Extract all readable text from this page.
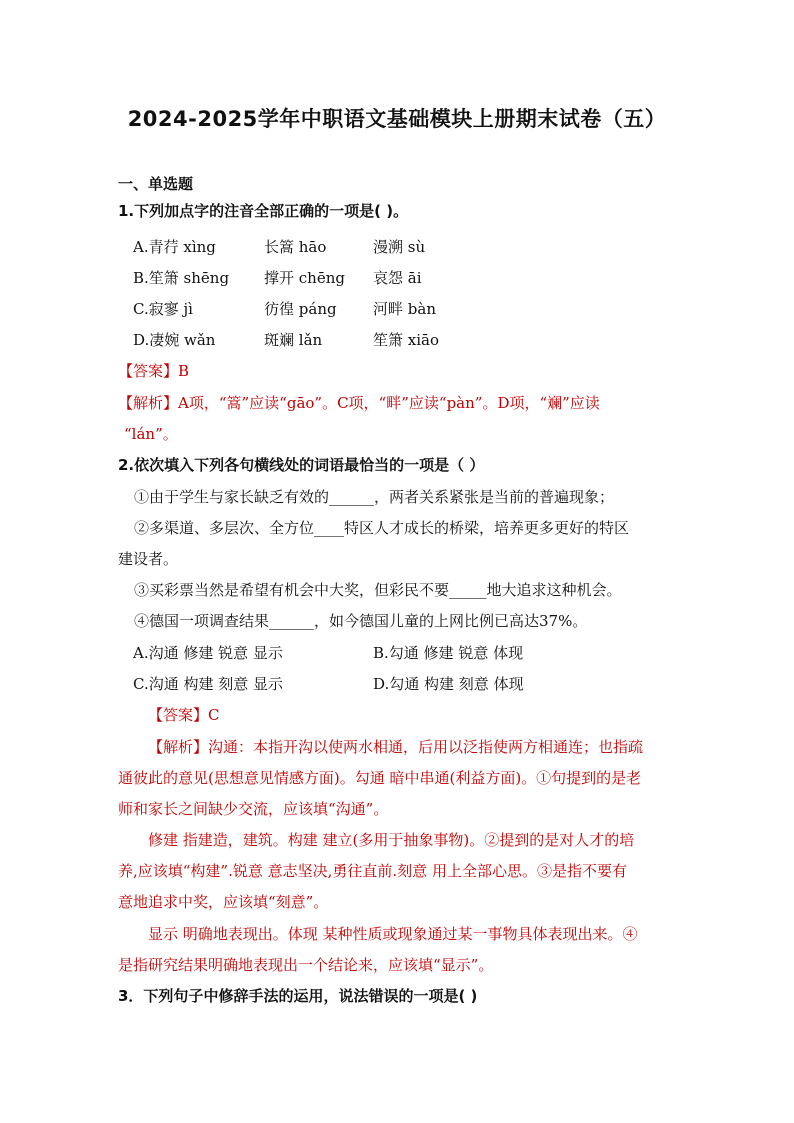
2024-2025学年中职语文基础模块上册期末试卷（五）
一、单选题
1.下列加点字的注音全部正确的一项是( )。
A.青荇 xìng	长篙 hāo	漫溯 sù
B.笙箫 shēng 撑开 chēng 哀怨 āi
C.寂寥 jì	彷徨 páng 河畔 bàn
D.凄婉 wǎn	斑斓 lǎn	笙箫 xiāo
【答案】B
【解析】A项，“篙”应读“gāo”。C项，“畔”应读“pàn”。D项，“斓”应读
“lán”。
2.依次填入下列各句横线处的词语最恰当的一项是（ ）
①由于学生与家长缺乏有效的______，两者关系紧张是当前的普遍现象；
②多渠道、多层次、全方位____特区人才成长的桥梁，培养更多更好的特区
建设者。
③买彩票当然是希望有机会中大奖，但彩民不要_____地大追求这种机会。
④德国一项调查结果______，如今德国儿童的上网比例已高达37%。
A.沟通 修建 锐意 显示	B.勾通 修建 锐意 体现
C.沟通 构建 刻意 显示	D.勾通 构建 刻意 体现
【答案】C
【解析】沟通：本指开沟以使两水相通，后用以泛指使两方相通连；也指疏
通彼此的意见(思想意见情感方面)。勾通 暗中串通(利益方面)。①句提到的是老
师和家长之间缺少交流，应该填“沟通”。
修建 指建造，建筑。构建 建立(多用于抽象事物)。②提到的是对人才的培
养,应该填“构建”.锐意 意志坚决,勇往直前.刻意 用上全部心思。③是指不要有
意地追求中奖，应该填“刻意”。
显示 明确地表现出。体现 某种性质或现象通过某一事物具体表现出来。④
是指研究结果明确地表现出一个结论来，应该填“显示”。
3．下列句子中修辞手法的运用，说法错误的一项是( )
